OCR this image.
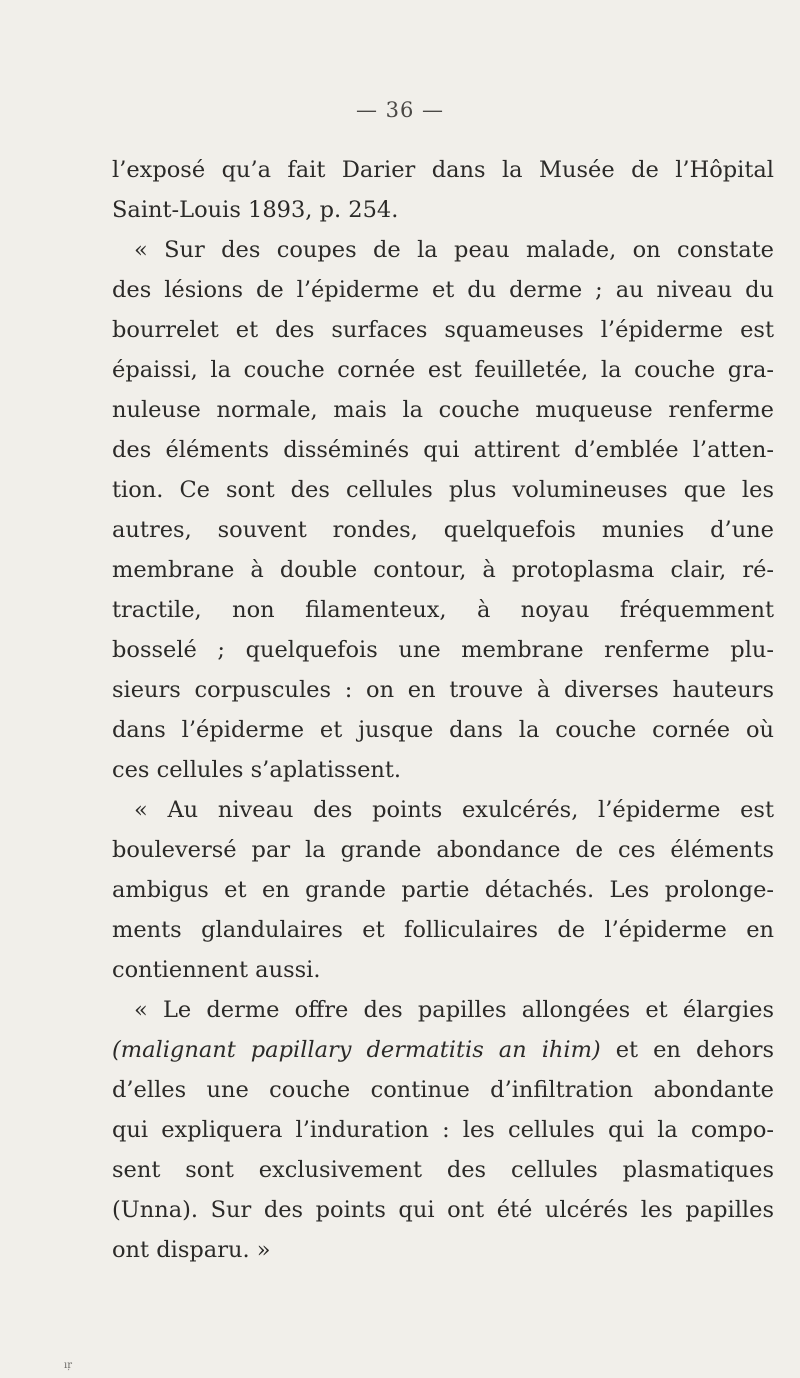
— 36 —
l’exposé qu’a fait Darier dans la Musée de l’Hôpital
Saint-Louis 1893, p. 254.
« Sur des coupes de la peau malade, on constate
des lésions de l’épiderme et du derme ; au niveau du
bourrelet et des surfaces squameuses l’épiderme est
épaissi, la couche cornée est feuilletée, la couche gra-
nuleuse normale, mais la couche muqueuse renferme
des éléments disséminés qui attirent d’emblée l’atten-
tion. Ce sont des cellules plus volumineuses que les
autres, souvent rondes, quelquefois munies d’une
membrane à double contour, à protoplasma clair, ré-
tractile, non filamenteux, à noyau fréquemment
bosselé ; quelquefois une membrane renferme plu-
sieurs corpuscules : on en trouve à diverses hauteurs
dans l’épiderme et jusque dans la couche cornée où
ces cellules s’aplatissent.
« Au niveau des points exulcérés, l’épiderme est
bouleversé par la grande abondance de ces éléments
ambigus et en grande partie détachés. Les prolonge-
ments glandulaires et folliculaires de l’épiderme en
contiennent aussi.
« Le derme offre des papilles allongées et élargies
(malignant papillary dermatitis an ihim) et en dehors
d’elles une couche continue d’infiltration abondante
qui expliquera l’induration : les cellules qui la compo-
sent sont exclusivement des cellules plasmatiques
(Unna). Sur des points qui ont été ulcérés les papilles
ont disparu. »
ıŗ
